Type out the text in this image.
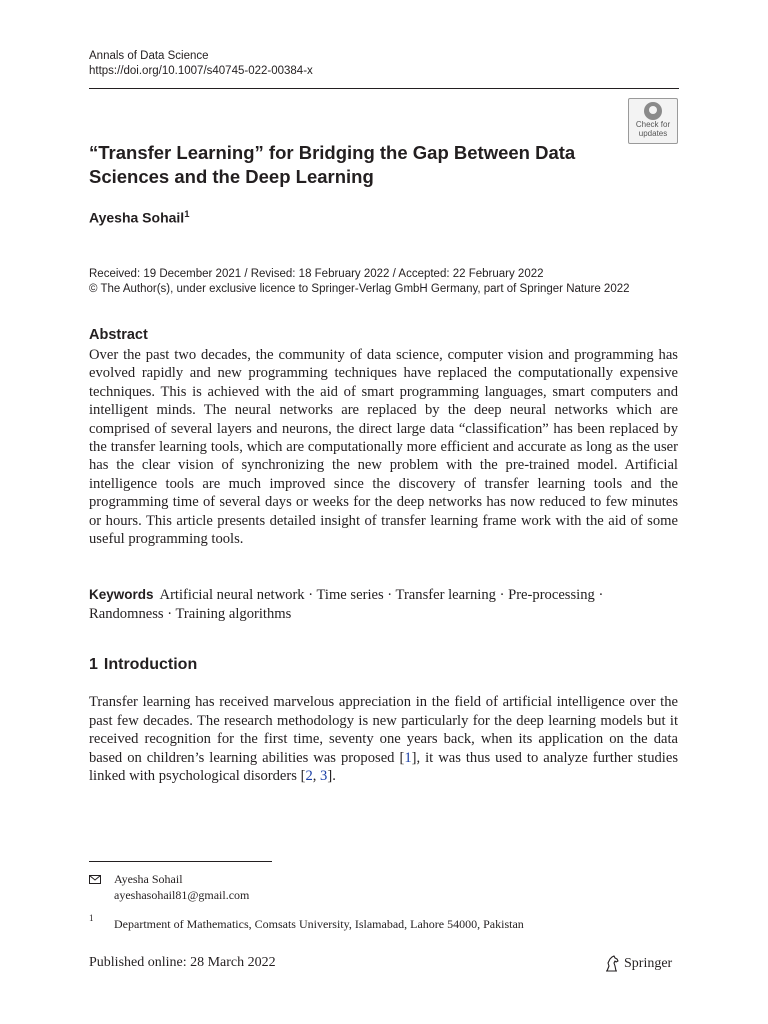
Annals of Data Science
https://doi.org/10.1007/s40745-022-00384-x
Check for
updates
“Transfer Learning” for Bridging the Gap Between Data Sciences and the Deep Learning
Ayesha Sohail$^1$
Received: 19 December 2021 / Revised: 18 February 2022 / Accepted: 22 February 2022
© The Author(s), under exclusive licence to Springer-Verlag GmbH Germany, part of Springer Nature 2022
Abstract
Over the past two decades, the community of data science, computer vision and programming has evolved rapidly and new programming techniques have replaced the computationally expensive techniques. This is achieved with the aid of smart programming languages, smart computers and intelligent minds. The neural networks are replaced by the deep neural networks which are comprised of several layers and neurons, the direct large data “classification” has been replaced by the transfer learning tools, which are computationally more efficient and accurate as long as the user has the clear vision of synchronizing the new problem with the pre-trained model. Artificial intelligence tools are much improved since the discovery of transfer learning tools and the programming time of several days or weeks for the deep networks has now reduced to few minutes or hours. This article presents detailed insight of transfer learning frame work with the aid of some useful programming tools.
Keywords Artificial neural network · Time series · Transfer learning · Pre-processing · Randomness · Training algorithms
1 Introduction
Transfer learning has received marvelous appreciation in the field of artificial intelligence over the past few decades. The research methodology is new particularly for the deep learning models but it received recognition for the first time, seventy one years back, when its application on the data based on children’s learning abilities was proposed [1], it was thus used to analyze further studies linked with psychological disorders [2, 3].
Ayesha Sohail
ayeshasohail81@gmail.com
1 Department of Mathematics, Comsats University, Islamabad, Lahore 54000, Pakistan
Published online: 28 March 2022	Springer
